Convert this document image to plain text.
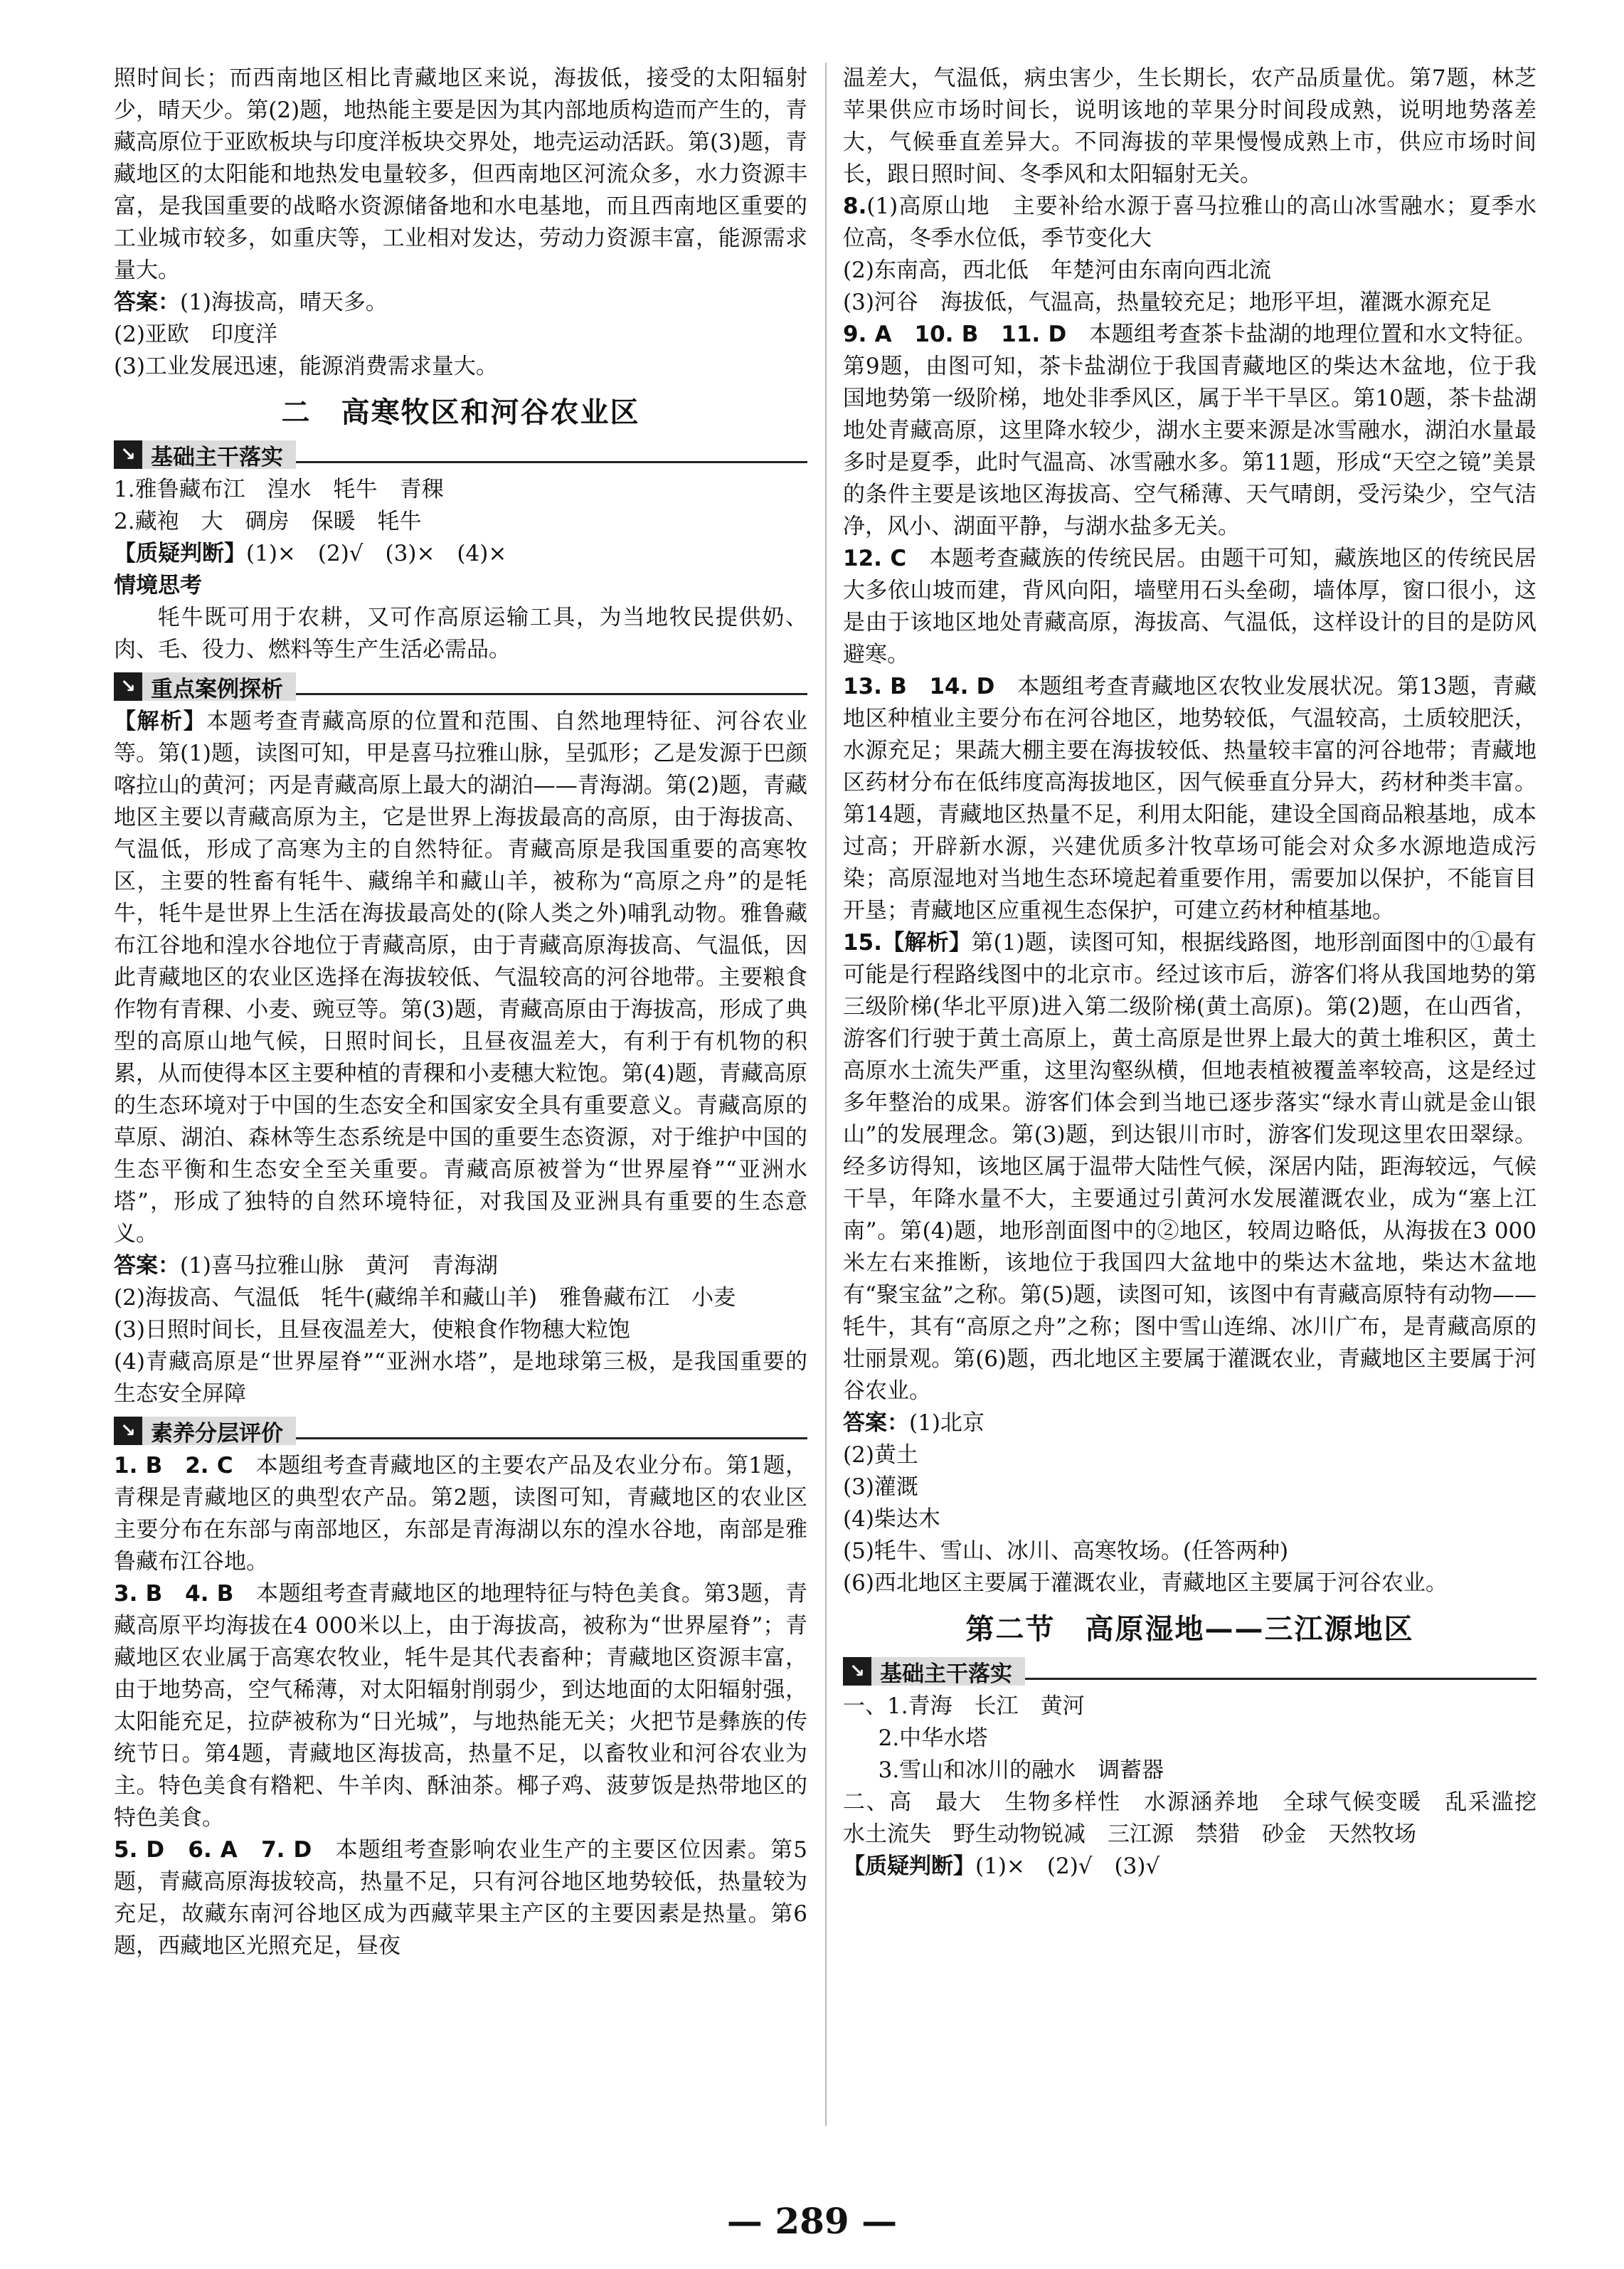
照时间长；而西南地区相比青藏地区来说，海拔低，接受的太阳辐射少，晴天少。第(2)题，地热能主要是因为其内部地质构造而产生的，青藏高原位于亚欧板块与印度洋板块交界处，地壳运动活跃。第(3)题，青藏地区的太阳能和地热发电量较多，但西南地区河流众多，水力资源丰富，是我国重要的战略水资源储备地和水电基地，而且西南地区重要的工业城市较多，如重庆等，工业相对发达，劳动力资源丰富，能源需求量大。

答案：(1)海拔高，晴天多。

(2)亚欧　印度洋

(3)工业发展迅速，能源消费需求量大。

二　高寒牧区和河谷农业区
↘ 基础主干落实

1.雅鲁藏布江　湟水　牦牛　青稞

2.藏袍　大　碉房　保暖　牦牛

【质疑判断】(1)×　(2)√　(3)×　(4)×

情境思考

牦牛既可用于农耕，又可作高原运输工具，为当地牧民提供奶、肉、毛、役力、燃料等生产生活必需品。

↘ 重点案例探析

【解析】本题考查青藏高原的位置和范围、自然地理特征、河谷农业等。第(1)题，读图可知，甲是喜马拉雅山脉，呈弧形；乙是发源于巴颜喀拉山的黄河；丙是青藏高原上最大的湖泊——青海湖。第(2)题，青藏地区主要以青藏高原为主，它是世界上海拔最高的高原，由于海拔高、气温低，形成了高寒为主的自然特征。青藏高原是我国重要的高寒牧区，主要的牲畜有牦牛、藏绵羊和藏山羊，被称为“高原之舟”的是牦牛，牦牛是世界上生活在海拔最高处的(除人类之外)哺乳动物。雅鲁藏布江谷地和湟水谷地位于青藏高原，由于青藏高原海拔高、气温低，因此青藏地区的农业区选择在海拔较低、气温较高的河谷地带。主要粮食作物有青稞、小麦、豌豆等。第(3)题，青藏高原由于海拔高，形成了典型的高原山地气候，日照时间长，且昼夜温差大，有利于有机物的积累，从而使得本区主要种植的青稞和小麦穗大粒饱。第(4)题，青藏高原的生态环境对于中国的生态安全和国家安全具有重要意义。青藏高原的草原、湖泊、森林等生态系统是中国的重要生态资源，对于维护中国的生态平衡和生态安全至关重要。青藏高原被誉为“世界屋脊”“亚洲水塔”，形成了独特的自然环境特征，对我国及亚洲具有重要的生态意义。

答案：(1)喜马拉雅山脉　黄河　青海湖

(2)海拔高、气温低　牦牛(藏绵羊和藏山羊)　雅鲁藏布江　小麦

(3)日照时间长，且昼夜温差大，使粮食作物穗大粒饱

(4)青藏高原是“世界屋脊”“亚洲水塔”，是地球第三极，是我国重要的生态安全屏障

↘ 素养分层评价

1. B　2. C　 本题组考查青藏地区的主要农产品及农业分布。第1题，青稞是青藏地区的典型农产品。第2题，读图可知，青藏地区的农业区主要分布在东部与南部地区，东部是青海湖以东的湟水谷地，南部是雅鲁藏布江谷地。

3. B　4. B　 本题组考查青藏地区的地理特征与特色美食。第3题，青藏高原平均海拔在4 000米以上，由于海拔高，被称为“世界屋脊”；青藏地区农业属于高寒农牧业，牦牛是其代表畜种；青藏地区资源丰富，由于地势高，空气稀薄，对太阳辐射削弱少，到达地面的太阳辐射强，太阳能充足，拉萨被称为“日光城”，与地热能无关；火把节是彝族的传统节日。第4题，青藏地区海拔高，热量不足，以畜牧业和河谷农业为主。特色美食有糌粑、牛羊肉、酥油茶。椰子鸡、菠萝饭是热带地区的特色美食。

5. D　6. A　7. D　 本题组考查影响农业生产的主要区位因素。第5题，青藏高原海拔较高，热量不足，只有河谷地区地势较低，热量较为充足，故藏东南河谷地区成为西藏苹果主产区的主要因素是热量。第6题，西藏地区光照充足，昼夜

温差大，气温低，病虫害少，生长期长，农产品质量优。第7题，林芝苹果供应市场时间长，说明该地的苹果分时间段成熟，说明地势落差大，气候垂直差异大。不同海拔的苹果慢慢成熟上市，供应市场时间长，跟日照时间、冬季风和太阳辐射无关。

8.(1)高原山地　主要补给水源于喜马拉雅山的高山冰雪融水；夏季水位高，冬季水位低，季节变化大

(2)东南高，西北低　年楚河由东南向西北流

(3)河谷　海拔低，气温高，热量较充足；地形平坦，灌溉水源充足

9. A　10. B　11. D　 本题组考查茶卡盐湖的地理位置和水文特征。第9题，由图可知，茶卡盐湖位于我国青藏地区的柴达木盆地，位于我国地势第一级阶梯，地处非季风区，属于半干旱区。第10题，茶卡盐湖地处青藏高原，这里降水较少，湖水主要来源是冰雪融水，湖泊水量最多时是夏季，此时气温高、冰雪融水多。第11题，形成“天空之镜”美景的条件主要是该地区海拔高、空气稀薄、天气晴朗，受污染少，空气洁净，风小、湖面平静，与湖水盐多无关。

12. C　 本题考查藏族的传统民居。由题干可知，藏族地区的传统民居大多依山坡而建，背风向阳，墙壁用石头垒砌，墙体厚，窗口很小，这是由于该地区地处青藏高原，海拔高、气温低，这样设计的目的是防风避寒。

13. B　14. D　 本题组考查青藏地区农牧业发展状况。第13题，青藏地区种植业主要分布在河谷地区，地势较低，气温较高，土质较肥沃，水源充足；果蔬大棚主要在海拔较低、热量较丰富的河谷地带；青藏地区药材分布在低纬度高海拔地区，因气候垂直分异大，药材种类丰富。第14题，青藏地区热量不足，利用太阳能，建设全国商品粮基地，成本过高；开辟新水源，兴建优质多汁牧草场可能会对众多水源地造成污染；高原湿地对当地生态环境起着重要作用，需要加以保护，不能盲目开垦；青藏地区应重视生态保护，可建立药材种植基地。

15.【解析】第(1)题，读图可知，根据线路图，地形剖面图中的①最有可能是行程路线图中的北京市。经过该市后，游客们将从我国地势的第三级阶梯(华北平原)进入第二级阶梯(黄土高原)。第(2)题，在山西省，游客们行驶于黄土高原上，黄土高原是世界上最大的黄土堆积区，黄土高原水土流失严重，这里沟壑纵横，但地表植被覆盖率较高，这是经过多年整治的成果。游客们体会到当地已逐步落实“绿水青山就是金山银山”的发展理念。第(3)题，到达银川市时，游客们发现这里农田翠绿。经多访得知，该地区属于温带大陆性气候，深居内陆，距海较远，气候干旱，年降水量不大，主要通过引黄河水发展灌溉农业，成为“塞上江南”。第(4)题，地形剖面图中的②地区，较周边略低，从海拔在3 000米左右来推断，该地位于我国四大盆地中的柴达木盆地，柴达木盆地有“聚宝盆”之称。第(5)题，读图可知，该图中有青藏高原特有动物——牦牛，其有“高原之舟”之称；图中雪山连绵、冰川广布，是青藏高原的壮丽景观。第(6)题，西北地区主要属于灌溉农业，青藏地区主要属于河谷农业。

答案：(1)北京

(2)黄土

(3)灌溉

(4)柴达木

(5)牦牛、雪山、冰川、高寒牧场。(任答两种)

(6)西北地区主要属于灌溉农业，青藏地区主要属于河谷农业。

第二节　高原湿地——三江源地区
↘ 基础主干落实

一、1.青海　长江　黄河

2.中华水塔

3.雪山和冰川的融水　调蓄器

二、高　最大　生物多样性　水源涵养地　全球气候变暖　乱采滥挖　水土流失　野生动物锐减　三江源　禁猎　砂金　天然牧场

【质疑判断】(1)×　(2)√　(3)√

— 289 —
